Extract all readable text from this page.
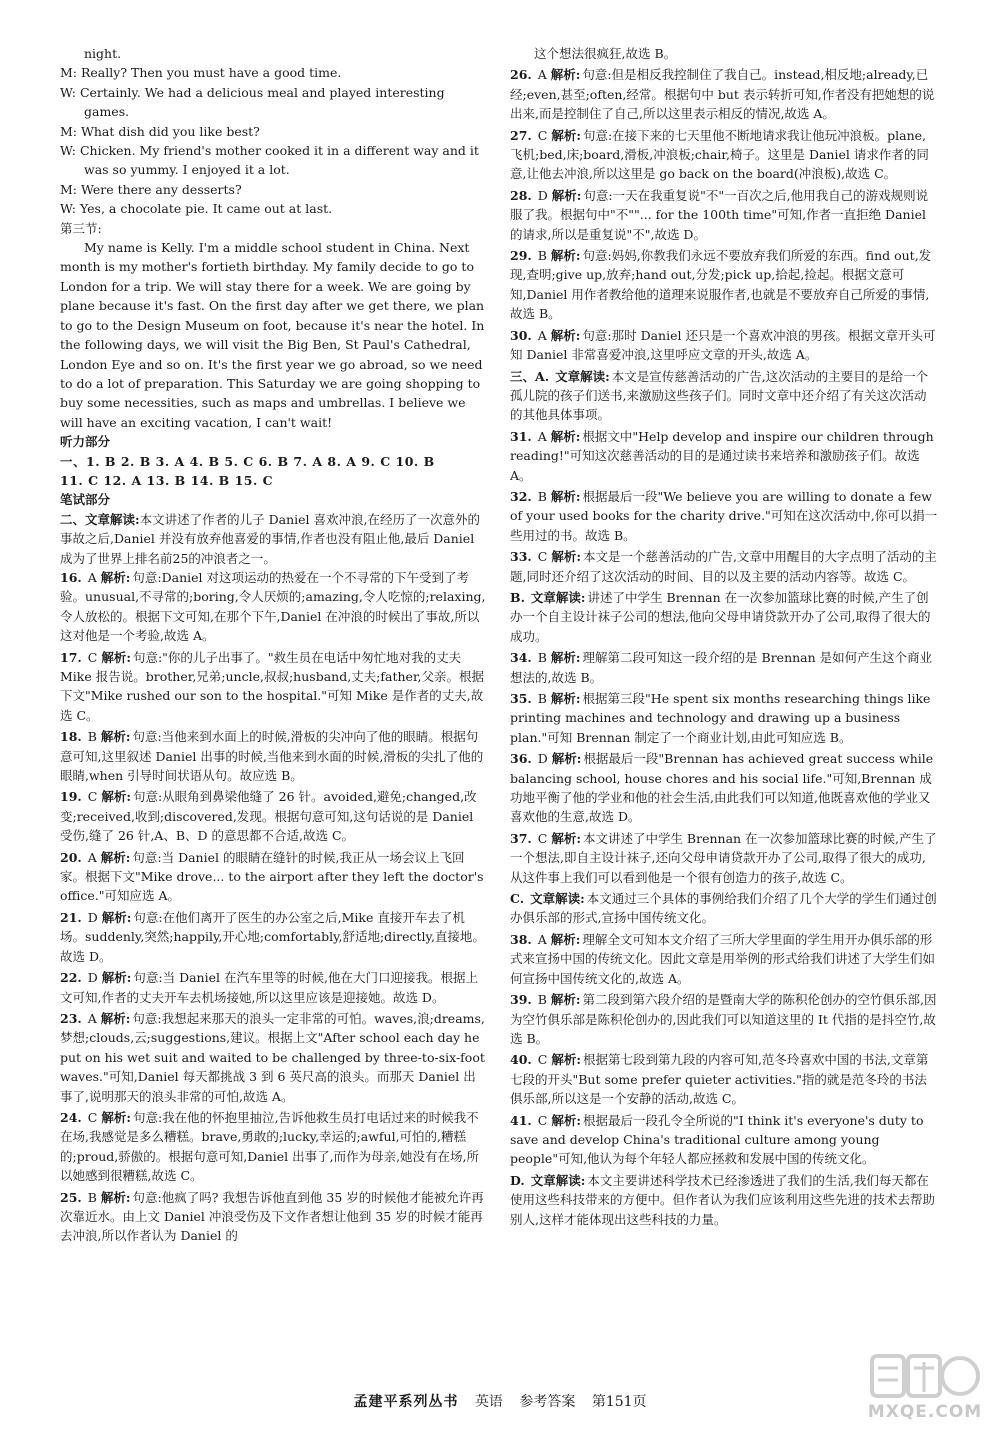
night.
M: Really? Then you must have a good time.
W: Certainly. We had a delicious meal and played interesting games.
M: What dish did you like best?
W: Chicken. My friend's mother cooked it in a different way and it was so yummy. I enjoyed it a lot.
M: Were there any desserts?
W: Yes, a chocolate pie. It came out at last.
第三节:
My name is Kelly. I'm a middle school student in China. Next month is my mother's fortieth birthday. My family decide to go to London for a trip. We will stay there for a week. We are going by plane because it's fast. On the first day after we get there, we plan to go to the Design Museum on foot, because it's near the hotel. In the following days, we will visit the Big Ben, St Paul's Cathedral, London Eye and so on. It's the first year we go abroad, so we need to do a lot of preparation. This Saturday we are going shopping to buy some necessities, such as maps and umbrellas. I believe we will have an exciting vacation, I can't wait!
听力部分
一、1. B 2. B 3. A 4. B 5. C 6. B 7. A 8. A 9. C 10. B
11. C 12. A 13. B 14. B 15. C
笔试部分
二、文章解读:本文讲述了作者的儿子 Daniel 喜欢冲浪,在经历了一次意外的事故之后,Daniel 并没有放弃他喜爱的事情,作者也没有阻止他,最后 Daniel 成为了世界上排名前25的冲浪者之一。
16. A 解析: 句意:Daniel 对这项运动的热爱在一个不寻常的下午受到了考验。unusual,不寻常的;boring,令人厌烦的;amazing,令人吃惊的;relaxing,令人放松的。根据下文可知,在那个下午,Daniel 在冲浪的时候出了事故,所以这对他是一个考验,故选 A。
17. C 解析: 句意:"你的儿子出事了。"救生员在电话中匆忙地对我的丈夫 Mike 报告说。brother,兄弟;uncle,叔叔;husband,丈夫;father,父亲。根据下文"Mike rushed our son to the hospital."可知 Mike 是作者的丈夫,故选 C。
18. B 解析: 句意:当他来到水面上的时候,滑板的尖冲向了他的眼睛。根据句意可知,这里叙述 Daniel 出事的时候,当他来到水面的时候,滑板的尖扎了他的眼睛,when 引导时间状语从句。故应选 B。
19. C 解析: 句意:从眼角到鼻梁他缝了 26 针。avoided,避免;changed,改变;received,收到;discovered,发现。根据句意可知,这句话说的是 Daniel 受伤,缝了 26 针,A、B、D 的意思都不合适,故选 C。
20. A 解析: 句意:当 Daniel 的眼睛在缝针的时候,我正从一场会议上飞回家。根据下文"Mike drove... to the airport after they left the doctor's office."可知应选 A。
21. D 解析: 句意:在他们离开了医生的办公室之后,Mike 直接开车去了机场。suddenly,突然;happily,开心地;comfortably,舒适地;directly,直接地。故选 D。
22. D 解析: 句意:当 Daniel 在汽车里等的时候,他在大门口迎接我。根据上文可知,作者的丈夫开车去机场接她,所以这里应该是迎接她。故选 D。
23. A 解析: 句意:我想起来那天的浪头一定非常的可怕。waves,浪;dreams,梦想;clouds,云;suggestions,建议。根据上文"After school each day he put on his wet suit and waited to be challenged by three-to-six-foot waves."可知,Daniel 每天都挑战 3 到 6 英尺高的浪头。而那天 Daniel 出事了,说明那天的浪头非常的可怕,故选 A。
24. C 解析: 句意:我在他的怀抱里抽泣,告诉他救生员打电话过来的时候我不在场,我感觉是多么糟糕。brave,勇敢的;lucky,幸运的;awful,可怕的,糟糕的;proud,骄傲的。根据句意可知,Daniel 出事了,而作为母亲,她没有在场,所以她感到很糟糕,故选 C。
25. B 解析: 句意:他疯了吗? 我想告诉他直到他 35 岁的时候他才能被允许再次靠近水。由上文 Daniel 冲浪受伤及下文作者想让他到 35 岁的时候才能再去冲浪,所以作者认为 Daniel 的
这个想法很疯狂,故选 B。
26. A 解析: 句意:但是相反我控制住了我自己。instead,相反地;already,已经;even,甚至;often,经常。根据句中 but 表示转折可知,作者没有把她想的说出来,而是控制住了自己,所以这里表示相反的情况,故选 A。
27. C 解析: 句意:在接下来的七天里他不断地请求我让他玩冲浪板。plane,飞机;bed,床;board,滑板,冲浪板;chair,椅子。这里是 Daniel 请求作者的同意,让他去冲浪,所以这里是 go back on the board(冲浪板),故选 C。
28. D 解析: 句意:一天在我重复说"不"一百次之后,他用我自己的游戏规则说服了我。根据句中"不""... for the 100th time"可知,作者一直拒绝 Daniel 的请求,所以是重复说"不",故选 D。
29. B 解析: 句意:妈妈,你教我们永远不要放弃我们所爱的东西。find out,发现,查明;give up,放弃;hand out,分发;pick up,拾起,捡起。根据文意可知,Daniel 用作者教给他的道理来说服作者,也就是不要放弃自己所爱的事情,故选 B。
30. A 解析: 句意:那时 Daniel 还只是一个喜欢冲浪的男孩。根据文章开头可知 Daniel 非常喜爱冲浪,这里呼应文章的开头,故选 A。
三、A. 文章解读: 本文是宣传慈善活动的广告,这次活动的主要目的是给一个孤儿院的孩子们送书,来激励这些孩子们。同时文章中还介绍了有关这次活动的其他具体事项。
31. A 解析: 根据文中"Help develop and inspire our children through reading!"可知这次慈善活动的目的是通过读书来培养和激励孩子们。故选 A。
32. B 解析: 根据最后一段"We believe you are willing to donate a few of your used books for the charity drive."可知在这次活动中,你可以捐一些用过的书。故选 B。
33. C 解析: 本文是一个慈善活动的广告,文章中用醒目的大字点明了活动的主题,同时还介绍了这次活动的时间、目的以及主要的活动内容等。故选 C。
B. 文章解读: 讲述了中学生 Brennan 在一次参加篮球比赛的时候,产生了创办一个自主设计袜子公司的想法,他向父母申请贷款开办了公司,取得了很大的成功。
34. B 解析: 理解第二段可知这一段介绍的是 Brennan 是如何产生这个商业想法的,故选 B。
35. B 解析: 根据第三段"He spent six months researching things like printing machines and technology and drawing up a business plan."可知 Brennan 制定了一个商业计划,由此可知应选 B。
36. D 解析: 根据最后一段"Brennan has achieved great success while balancing school, house chores and his social life."可知,Brennan 成功地平衡了他的学业和他的社会生活,由此我们可以知道,他既喜欢他的学业又喜欢他的生意,故选 D。
37. C 解析: 本文讲述了中学生 Brennan 在一次参加篮球比赛的时候,产生了一个想法,即自主设计袜子,还向父母申请贷款开办了公司,取得了很大的成功,从这件事上我们可以看到他是一个很有创造力的孩子,故选 C。
C. 文章解读: 本文通过三个具体的事例给我们介绍了几个大学的学生们通过创办俱乐部的形式,宣扬中国传统文化。
38. A 解析: 理解全文可知本文介绍了三所大学里面的学生用开办俱乐部的形式来宣扬中国的传统文化。因此文章是用举例的形式给我们讲述了大学生们如何宣扬中国传统文化的,故选 A。
39. B 解析: 第二段到第六段介绍的是暨南大学的陈积伦创办的空竹俱乐部,因为空竹俱乐部是陈积伦创办的,因此我们可以知道这里的 It 代指的是抖空竹,故选 B。
40. C 解析: 根据第七段到第九段的内容可知,范冬玲喜欢中国的书法,文章第七段的开头"But some prefer quieter activities."指的就是范冬玲的书法俱乐部,所以这是一个安静的活动,故选 C。
41. C 解析: 根据最后一段孔令全所说的"I think it's everyone's duty to save and develop China's traditional culture among young people"可知,他认为每个年轻人都应拯救和发展中国的传统文化。
D. 文章解读: 本文主要讲述科学技术已经渗透进了我们的生活,我们每天都在使用这些科技带来的方便中。但作者认为我们应该利用这些先进的技术去帮助别人,这样才能体现出这些科技的力量。
孟建平系列丛书 英语 参考答案 第151页	MXQE.COM
